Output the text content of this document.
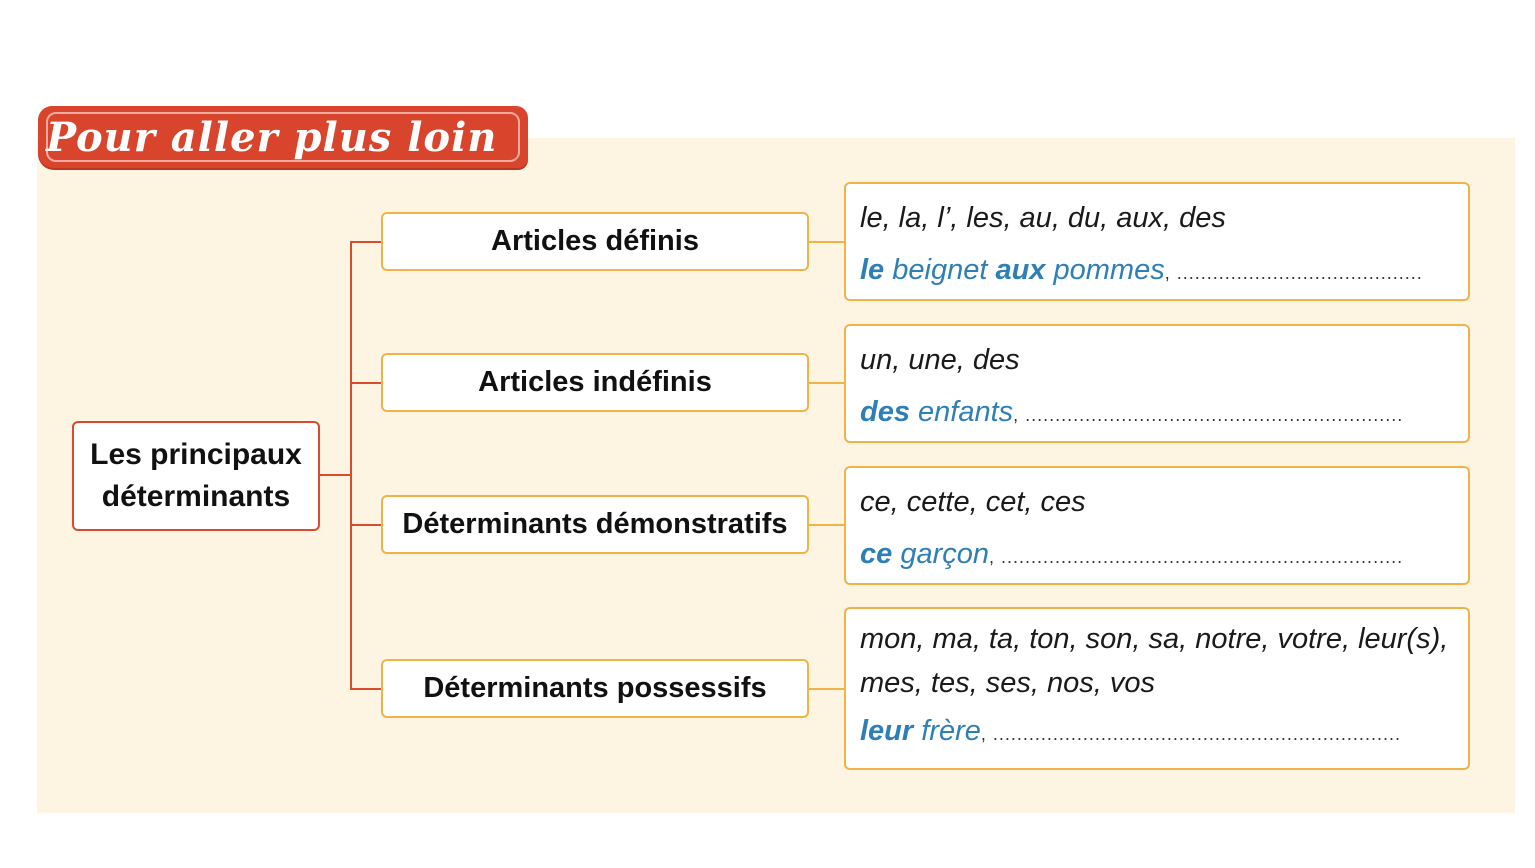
Pour aller plus loin
Les principaux
déterminants
Articles définis
Articles indéfinis
Déterminants démonstratifs
Déterminants possessifs
le, la, l’, les, au, du, aux, des
le beignet aux pommes, .........................................
un, une, des
des enfants, ...............................................................
ce, cette, cet, ces
ce garçon, ...................................................................
mon, ma, ta, ton, son, sa, notre, votre, leur(s),
mes, tes, ses, nos, vos
leur frère, ....................................................................
